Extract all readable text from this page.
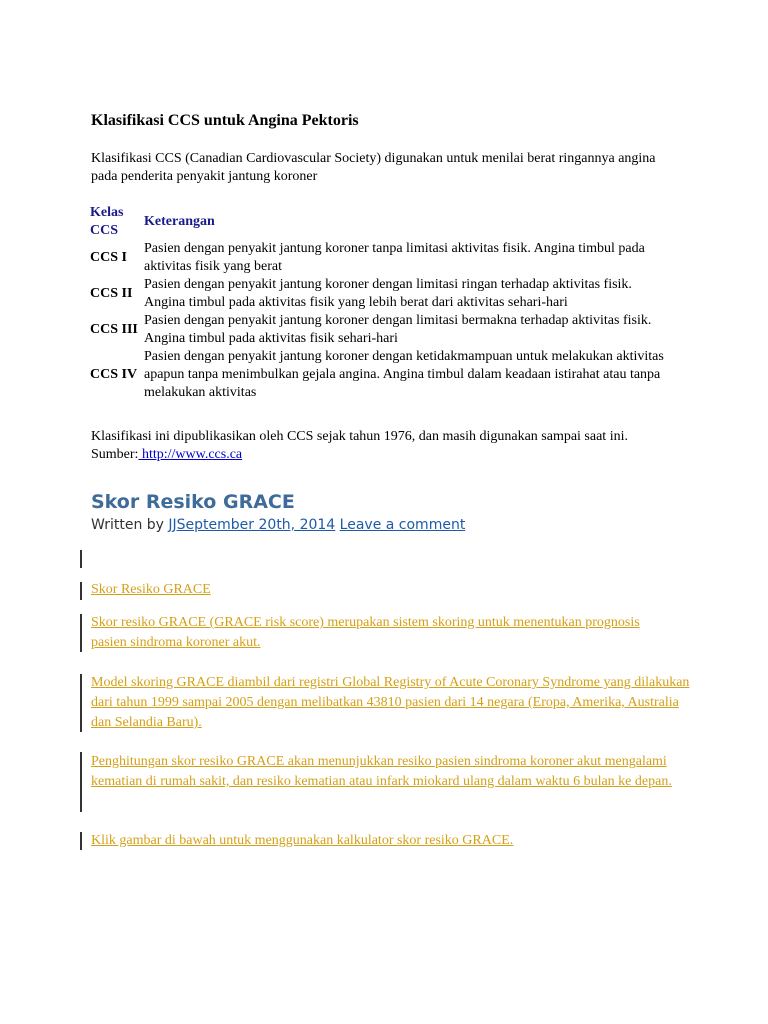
Klasifikasi CCS untuk Angina Pektoris
Klasifikasi CCS (Canadian Cardiovascular Society) digunakan untuk menilai berat ringannya angina pada penderita penyakit jantung koroner
Kelas CCS	Keterangan
CCS I	Pasien dengan penyakit jantung koroner tanpa limitasi aktivitas fisik. Angina timbul pada aktivitas fisik yang berat
CCS II	Pasien dengan penyakit jantung koroner dengan limitasi ringan terhadap aktivitas fisik. Angina timbul pada aktivitas fisik yang lebih berat dari aktivitas sehari-hari
CCS III	Pasien dengan penyakit jantung koroner dengan limitasi bermakna terhadap aktivitas fisik. Angina timbul pada aktivitas fisik sehari-hari
CCS IV	Pasien dengan penyakit jantung koroner dengan ketidakmampuan untuk melakukan aktivitas apapun tanpa menimbulkan gejala angina. Angina timbul dalam keadaan istirahat atau tanpa melakukan aktivitas
Klasifikasi ini dipublikasikan oleh CCS sejak tahun 1976, dan masih digunakan sampai saat ini.
Sumber: http://www.ccs.ca
Skor Resiko GRACE
Written by JJSeptember 20th, 2014 Leave a comment
Skor Resiko GRACE
Skor resiko GRACE (GRACE risk score) merupakan sistem skoring untuk menentukan prognosis pasien sindroma koroner akut.
Model skoring GRACE diambil dari registri Global Registry of Acute Coronary Syndrome yang dilakukan dari tahun 1999 sampai 2005 dengan melibatkan 43810 pasien dari 14 negara (Eropa, Amerika, Australia dan Selandia Baru).
Penghitungan skor resiko GRACE akan menunjukkan resiko pasien sindroma koroner akut mengalami kematian di rumah sakit, dan resiko kematian atau infark miokard ulang dalam waktu 6 bulan ke depan.
Klik gambar di bawah untuk menggunakan kalkulator skor resiko GRACE.
